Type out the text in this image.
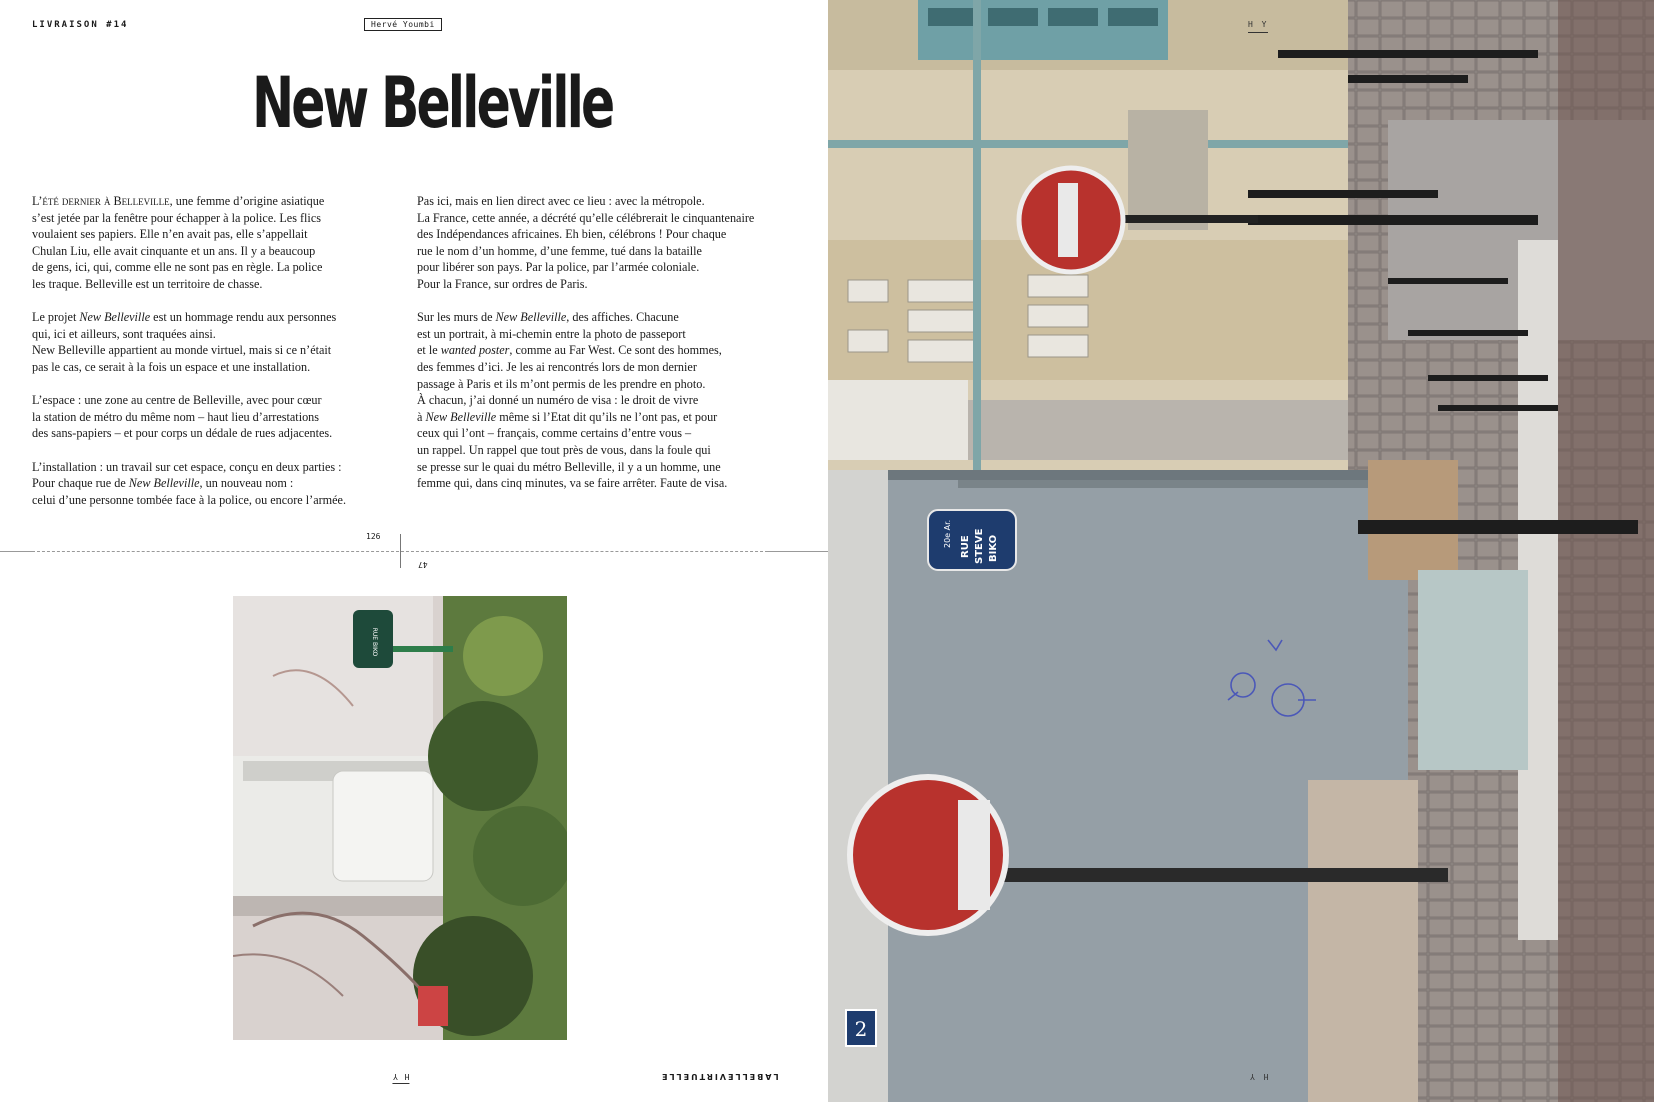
LIVRAISON #14	Hervé Youmbi
New Belleville

L’été dernier à Belleville, une femme d’origine asiatique
s’est jetée par la fenêtre pour échapper à la police. Les flics
voulaient ses papiers. Elle n’en avait pas, elle s’appellait
Chulan Liu, elle avait cinquante et un ans. Il y a beaucoup
de gens, ici, qui, comme elle ne sont pas en règle. La police
les traque. Belleville est un territoire de chasse.

Le projet New Belleville est un hommage rendu aux personnes
qui, ici et ailleurs, sont traquées ainsi.
New Belleville appartient au monde virtuel, mais si ce n’était
pas le cas, ce serait à la fois un espace et une installation.

L’espace : une zone au centre de Belleville, avec pour cœur
la station de métro du même nom – haut lieu d’arrestations
des sans-papiers – et pour corps un dédale de rues adjacentes.

L’installation : un travail sur cet espace, conçu en deux parties :
Pour chaque rue de New Belleville, un nouveau nom :
celui d’une personne tombée face à la police, ou encore l’armée.

Pas ici, mais en lien direct avec ce lieu : avec la métropole.
La France, cette année, a décrété qu’elle célébrerait le cinquantenaire
des Indépendances africaines. Eh bien, célébrons ! Pour chaque
rue le nom d’un homme, d’une femme, tué dans la bataille
pour libérer son pays. Par la police, par l’armée coloniale.
Pour la France, sur ordres de Paris.

Sur les murs de New Belleville, des affiches. Chacune
est un portrait, à mi-chemin entre la photo de passeport
et le wanted poster, comme au Far West. Ce sont des hommes,
des femmes d’ici. Je les ai rencontrés lors de mon dernier
passage à Paris et ils m’ont permis de les prendre en photo.
À chacun, j’ai donné un numéro de visa : le droit de vivre
à New Belleville même si l’Etat dit qu’ils ne l’ont pas, et pour
ceux qui l’ont – français, comme certains d’entre vous –
un rappel. Un rappel que tout près de vous, dans la foule qui
se presse sur le quai du métro Belleville, il y a un homme, une
femme qui, dans cinq minutes, va se faire arrêter. Faute de visa.

126
47
RUE BIKO
H Y	LABELLEVIRTUELLE
20e Ar. RUE STEVE BIKO
2
H Y
H Y
